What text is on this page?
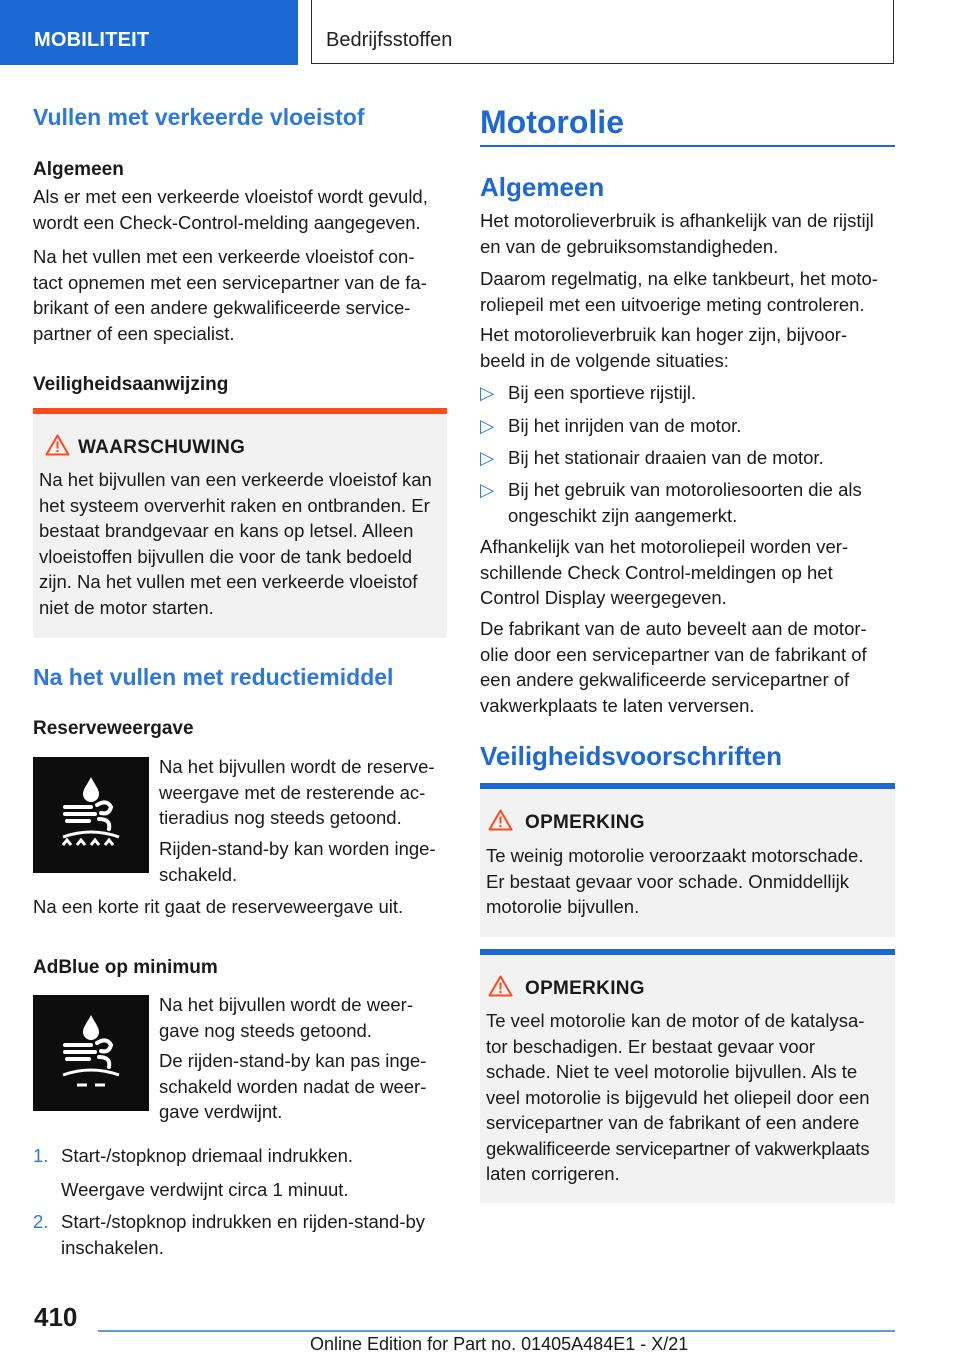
MOBILITEIT	Bedrijfsstoffen
Vullen met verkeerde vloeistof
Algemeen

Als er met een verkeerde vloeistof wordt gevuld,

wordt een Check-Control-melding aangegeven.

Na het vullen met een verkeerde vloeistof con-

tact opnemen met een servicepartner van de fa-

brikant of een andere gekwalificeerde service-

partner of een specialist.

Veiligheidsaanwijzing
WAARSCHUWING

Na het bijvullen van een verkeerde vloeistof kan

het systeem oververhit raken en ontbranden. Er

bestaat brandgevaar en kans op letsel. Alleen

vloeistoffen bijvullen die voor de tank bedoeld

zijn. Na het vullen met een verkeerde vloeistof

niet de motor starten.

Na het vullen met reductiemiddel
Reserveweergave

Na het bijvullen wordt de reserve-

weergave met de resterende ac-

tieradius nog steeds getoond.

Rijden-stand-by kan worden inge-

schakeld.

Na een korte rit gaat de reserveweergave uit.

AdBlue op minimum

Na het bijvullen wordt de weer-

gave nog steeds getoond.

De rijden-stand-by kan pas inge-

schakeld worden nadat de weer-

gave verdwijnt.

1. Start-/stopknop driemaal indrukken.
Weergave verdwijnt circa 1 minuut.
2. Start-/stopknop indrukken en rijden-stand-by

inschakelen.

Motorolie
Algemeen

Het motorolieverbruik is afhankelijk van de rijstijl

en van de gebruiksomstandigheden.

Daarom regelmatig, na elke tankbeurt, het moto-

roliepeil met een uitvoerige meting controleren.

Het motorolieverbruik kan hoger zijn, bijvoor-

beeld in de volgende situaties:

▷ Bij een sportieve rijstijl.
▷ Bij het inrijden van de motor.
▷ Bij het stationair draaien van de motor.
▷ Bij het gebruik van motoroliesoorten die als

ongeschikt zijn aangemerkt.

Afhankelijk van het motoroliepeil worden ver-

schillende Check Control-meldingen op het

Control Display weergegeven.

De fabrikant van de auto beveelt aan de motor-

olie door een servicepartner van de fabrikant of

een andere gekwalificeerde servicepartner of

vakwerkplaats te laten verversen.

Veiligheidsvoorschriften
OPMERKING

Te weinig motorolie veroorzaakt motorschade.

Er bestaat gevaar voor schade. Onmiddellijk

motorolie bijvullen.

OPMERKING

Te veel motorolie kan de motor of de katalysa-

tor beschadigen. Er bestaat gevaar voor

schade. Niet te veel motorolie bijvullen. Als te

veel motorolie is bijgevuld het oliepeil door een

servicepartner van de fabrikant of een andere

gekwalificeerde servicepartner of vakwerkplaats

laten corrigeren.

410
Online Edition for Part no. 01405A484E1 - X/21
